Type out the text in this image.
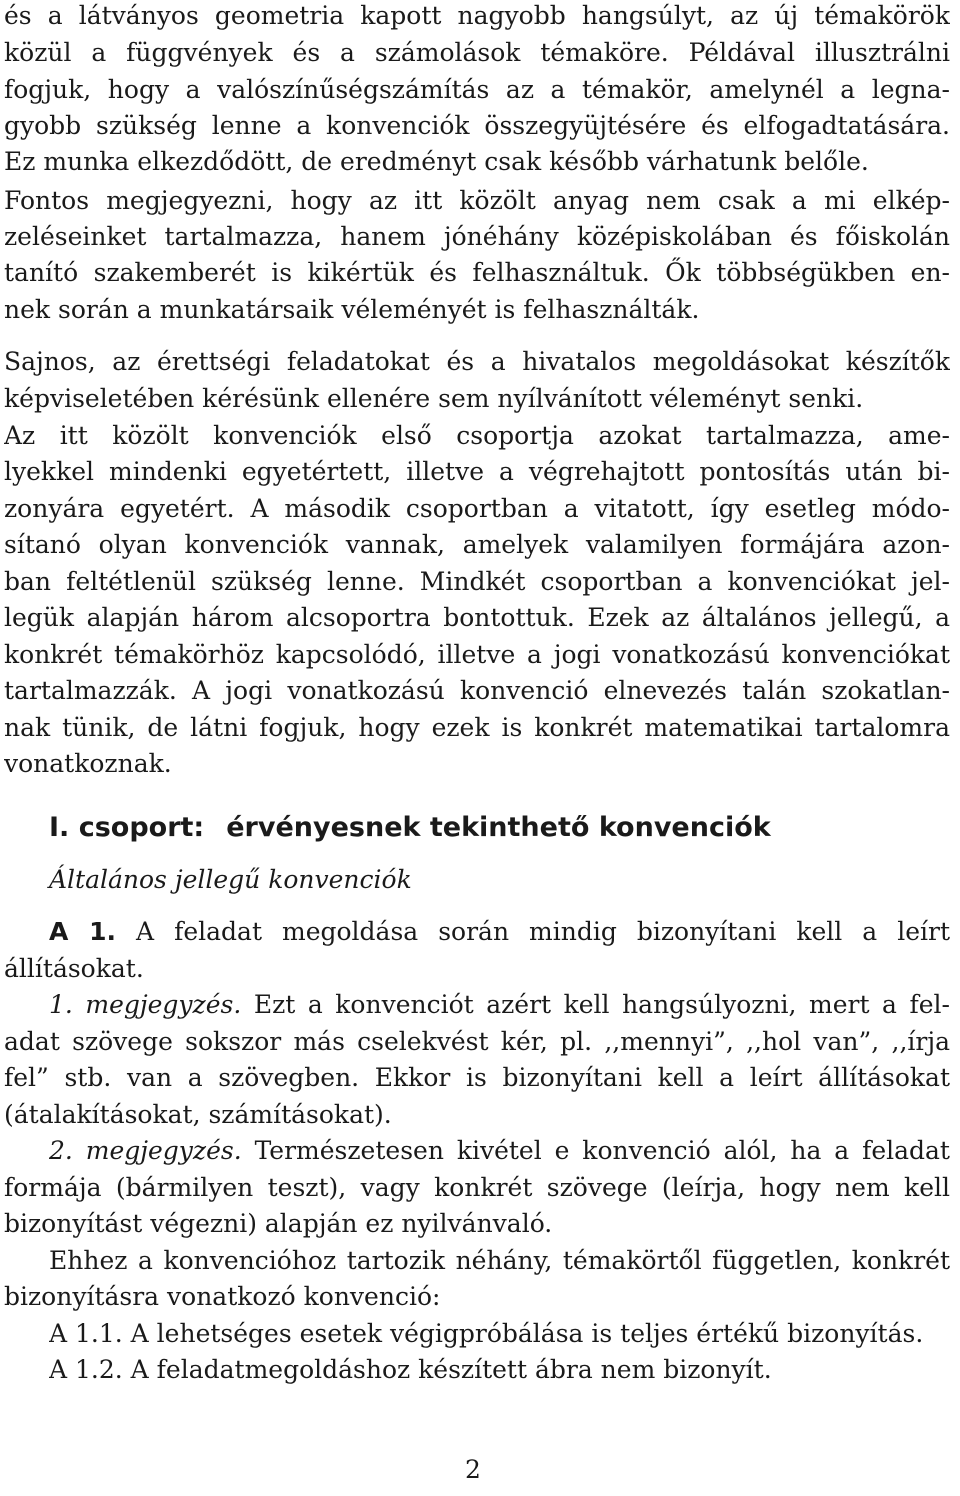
és a látványos geometria kapott nagyobb hangsúlyt, az új témakörök
közül a függvények és a számolások témaköre. Példával illusztrálni
fogjuk, hogy a valószínűségszámítás az a témakör, amelynél a legna-
gyobb szükség lenne a konvenciók összegyüjtésére és elfogadtatására.
Ez munka elkezdődött, de eredményt csak később várhatunk belőle.
Fontos megjegyezni, hogy az itt közölt anyag nem csak a mi elkép-
zeléseinket tartalmazza, hanem jónéhány középiskolában és főiskolán
tanító szakemberét is kikértük és felhasználtuk. Ők többségükben en-
nek során a munkatársaik véleményét is felhasználták.
Sajnos, az érettségi feladatokat és a hivatalos megoldásokat készítők
képviseletében kérésünk ellenére sem nyílvánított véleményt senki.
Az itt közölt konvenciók első csoportja azokat tartalmazza, ame-
lyekkel mindenki egyetértett, illetve a végrehajtott pontosítás után bi-
zonyára egyetért. A második csoportban a vitatott, így esetleg módo-
sítanó olyan konvenciók vannak, amelyek valamilyen formájára azon-
ban feltétlenül szükség lenne. Mindkét csoportban a konvenciókat jel-
legük alapján három alcsoportra bontottuk. Ezek az általános jellegű, a
konkrét témakörhöz kapcsolódó, illetve a jogi vonatkozású konvenciókat
tartalmazzák. A jogi vonatkozású konvenció elnevezés talán szokatlan-
nak tünik, de látni fogjuk, hogy ezek is konkrét matematikai tartalomra
vonatkoznak.
I. csoport: érvényesnek tekinthető konvenciók
Általános jellegű konvenciók
A 1. A feladat megoldása során mindig bizonyítani kell a leírt
állításokat.
1. megjegyzés. Ezt a konvenciót azért kell hangsúlyozni, mert a fel-
adat szövege sokszor más cselekvést kér, pl. ,,mennyi”, ,,hol van”, ,,írja
fel” stb. van a szövegben. Ekkor is bizonyítani kell a leírt állításokat
(átalakításokat, számításokat).
2. megjegyzés. Természetesen kivétel e konvenció alól, ha a feladat
formája (bármilyen teszt), vagy konkrét szövege (leírja, hogy nem kell
bizonyítást végezni) alapján ez nyilvánvaló.
Ehhez a konvencióhoz tartozik néhány, témakörtől független, konkrét
bizonyításra vonatkozó konvenció:
A 1.1. A lehetséges esetek végigpróbálása is teljes értékű bizonyítás.
A 1.2. A feladatmegoldáshoz készített ábra nem bizonyít.
2
